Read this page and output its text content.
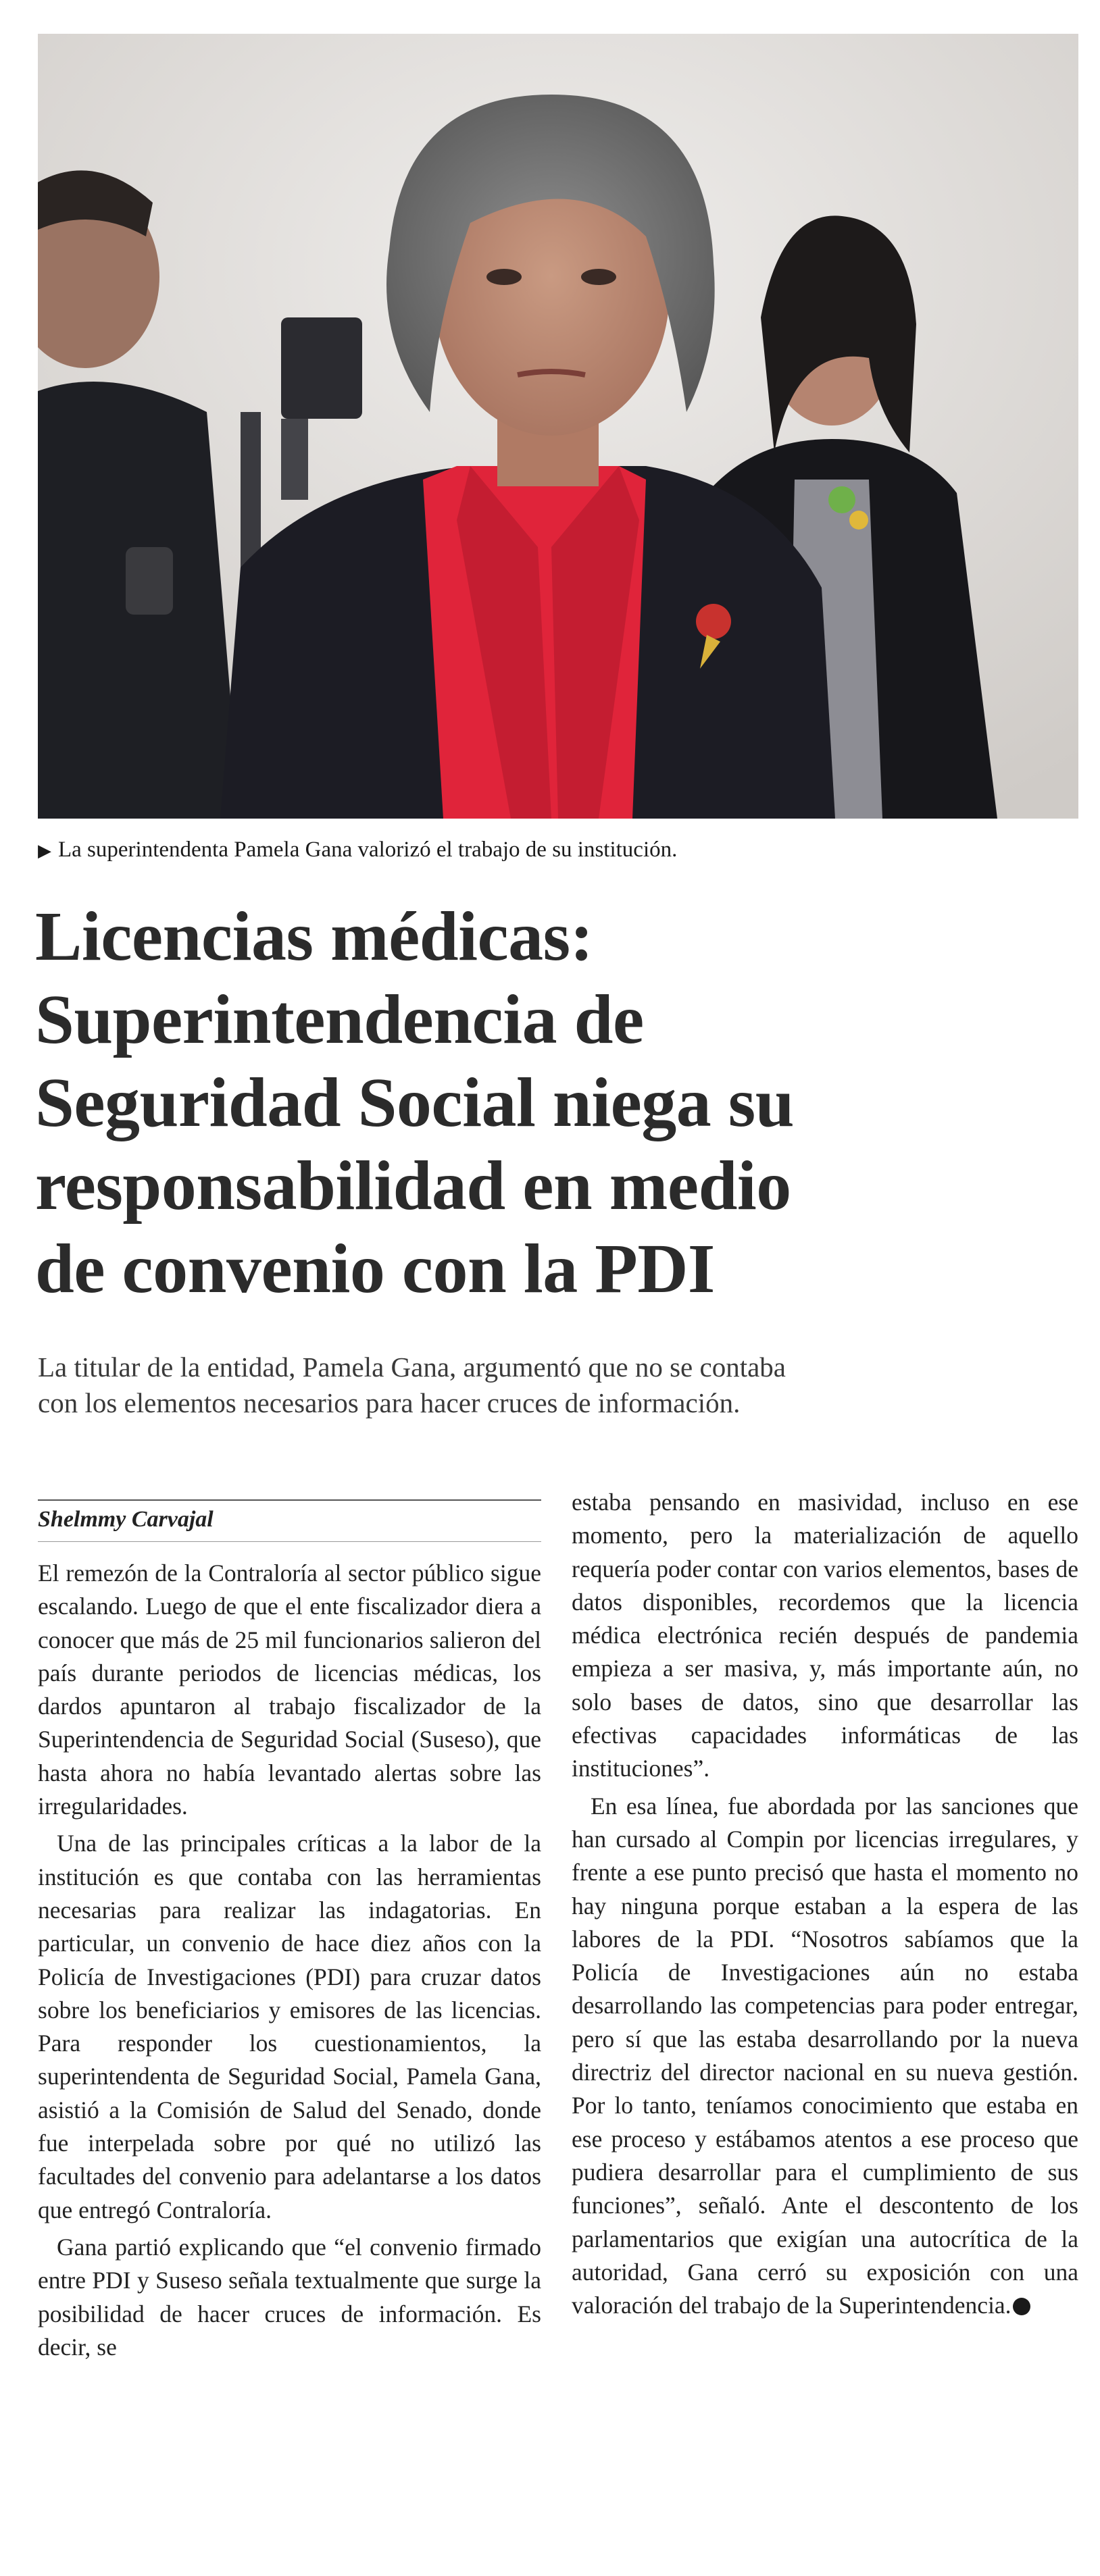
▶ La superintendenta Pamela Gana valorizó el trabajo de su institución.
Licencias médicas:
Superintendencia de
Seguridad Social niega su
responsabilidad en medio
de convenio con la PDI
La titular de la entidad, Pamela Gana, argumentó que no se contaba
con los elementos necesarios para hacer cruces de información.
Shelmmy Carvajal

El remezón de la Contraloría al sector público sigue escalando. Luego de que el ente fiscalizador diera a conocer que más de 25 mil funcionarios salieron del país durante periodos de licencias médicas, los dardos apuntaron al trabajo fiscalizador de la Superintendencia de Seguridad Social (Suseso), que hasta ahora no había levantado alertas sobre las irregularidades.

Una de las principales críticas a la labor de la institución es que contaba con las herramientas necesarias para realizar las indagatorias. En particular, un convenio de hace diez años con la Policía de Investigaciones (PDI) para cruzar datos sobre los beneficiarios y emisores de las licencias. Para responder los cuestionamientos, la superintendenta de Seguridad Social, Pamela Gana, asistió a la Comisión de Salud del Senado, donde fue interpelada sobre por qué no utilizó las facultades del convenio para adelantarse a los datos que entregó Contraloría.

Gana partió explicando que “el convenio firmado entre PDI y Suseso señala textualmente que surge la posibilidad de hacer cruces de información. Es decir, se

estaba pensando en masividad, incluso en ese momento, pero la materialización de aquello requería poder contar con varios elementos, bases de datos disponibles, recordemos que la licencia médica electrónica recién después de pandemia empieza a ser masiva, y, más importante aún, no solo bases de datos, sino que desarrollar las efectivas capacidades informáticas de las instituciones”.

En esa línea, fue abordada por las sanciones que han cursado al Compin por licencias irregulares, y frente a ese punto precisó que hasta el momento no hay ninguna porque estaban a la espera de las labores de la PDI. “Nosotros sabíamos que la Policía de Investigaciones aún no estaba desarrollando las competencias para poder entregar, pero sí que las estaba desarrollando por la nueva directriz del director nacional en su nueva gestión. Por lo tanto, teníamos conocimiento que estaba en ese proceso y estábamos atentos a ese proceso que pudiera desarrollar para el cumplimiento de sus funciones”, señaló. Ante el descontento de los parlamentarios que exigían una autocrítica de la autoridad, Gana cerró su exposición con una valoración del trabajo de la Superintendencia.
